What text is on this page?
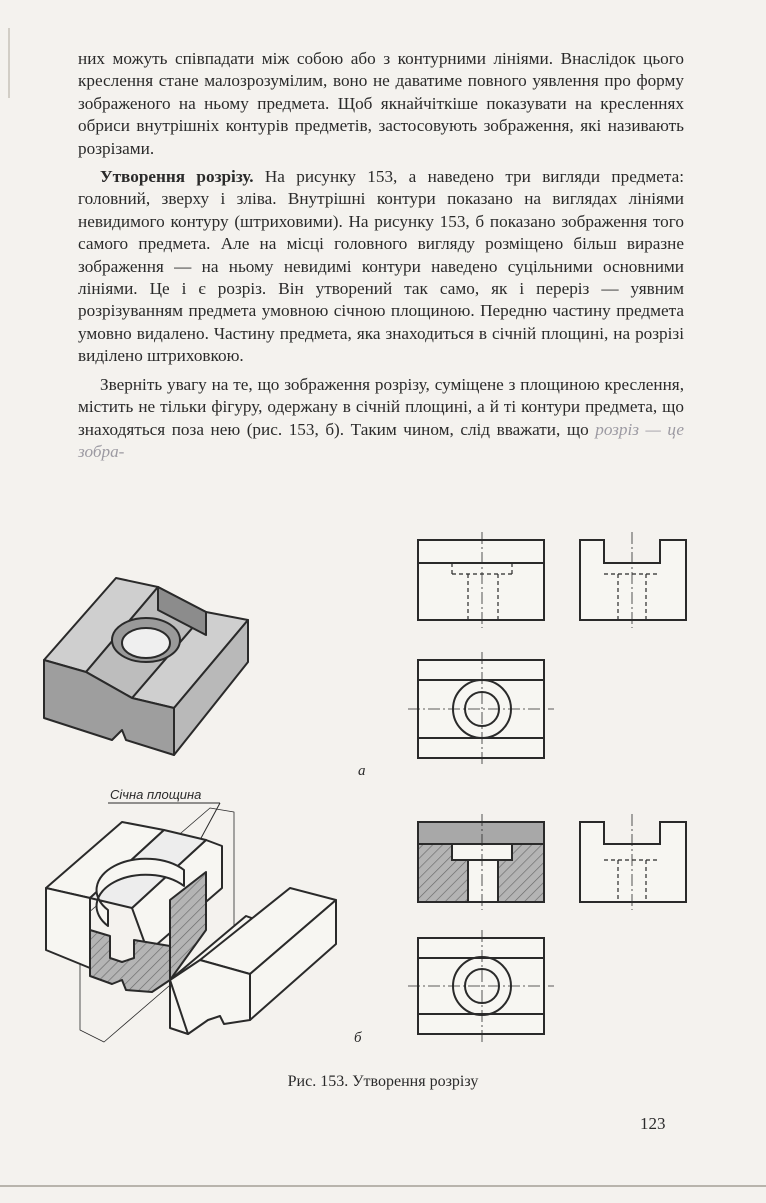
них можуть співпадати між собою або з контурними лініями. Внаслідок цього креслення стане малозрозумілим, воно не даватиме повного уявлення про форму зображеного на ньому предмета. Щоб якнайчіткіше показувати на кресленнях обриси внутрішніх контурів предметів, застосовують зображення, які називають розрізами.

Утворення розрізу. На рисунку 153, а наведено три вигляди предмета: головний, зверху і зліва. Внутрішні контури показано на виглядах лініями невидимого контуру (штриховими). На рисунку 153, б показано зображення того самого предмета. Але на місці головного вигляду розміщено більш виразне зображення — на ньому невидимі контури наведено суцільними основними лініями. Це і є розріз. Він утворений так само, як і переріз — уявним розрізуванням предмета умовною січною площиною. Передню частину предмета умовно видалено. Частину предмета, яка знаходиться в січній площині, на розрізі виділено штриховкою.

Зверніть увагу на те, що зображення розрізу, суміщене з площиною креслення, містить не тільки фігуру, одержану в січній площині, а й ті контури предмета, що знаходяться поза нею (рис. 153, б). Таким чином, слід вважати, що розріз — це зобра-

а
Січна площина
б
Рис. 153. Утворення розрізу
123
